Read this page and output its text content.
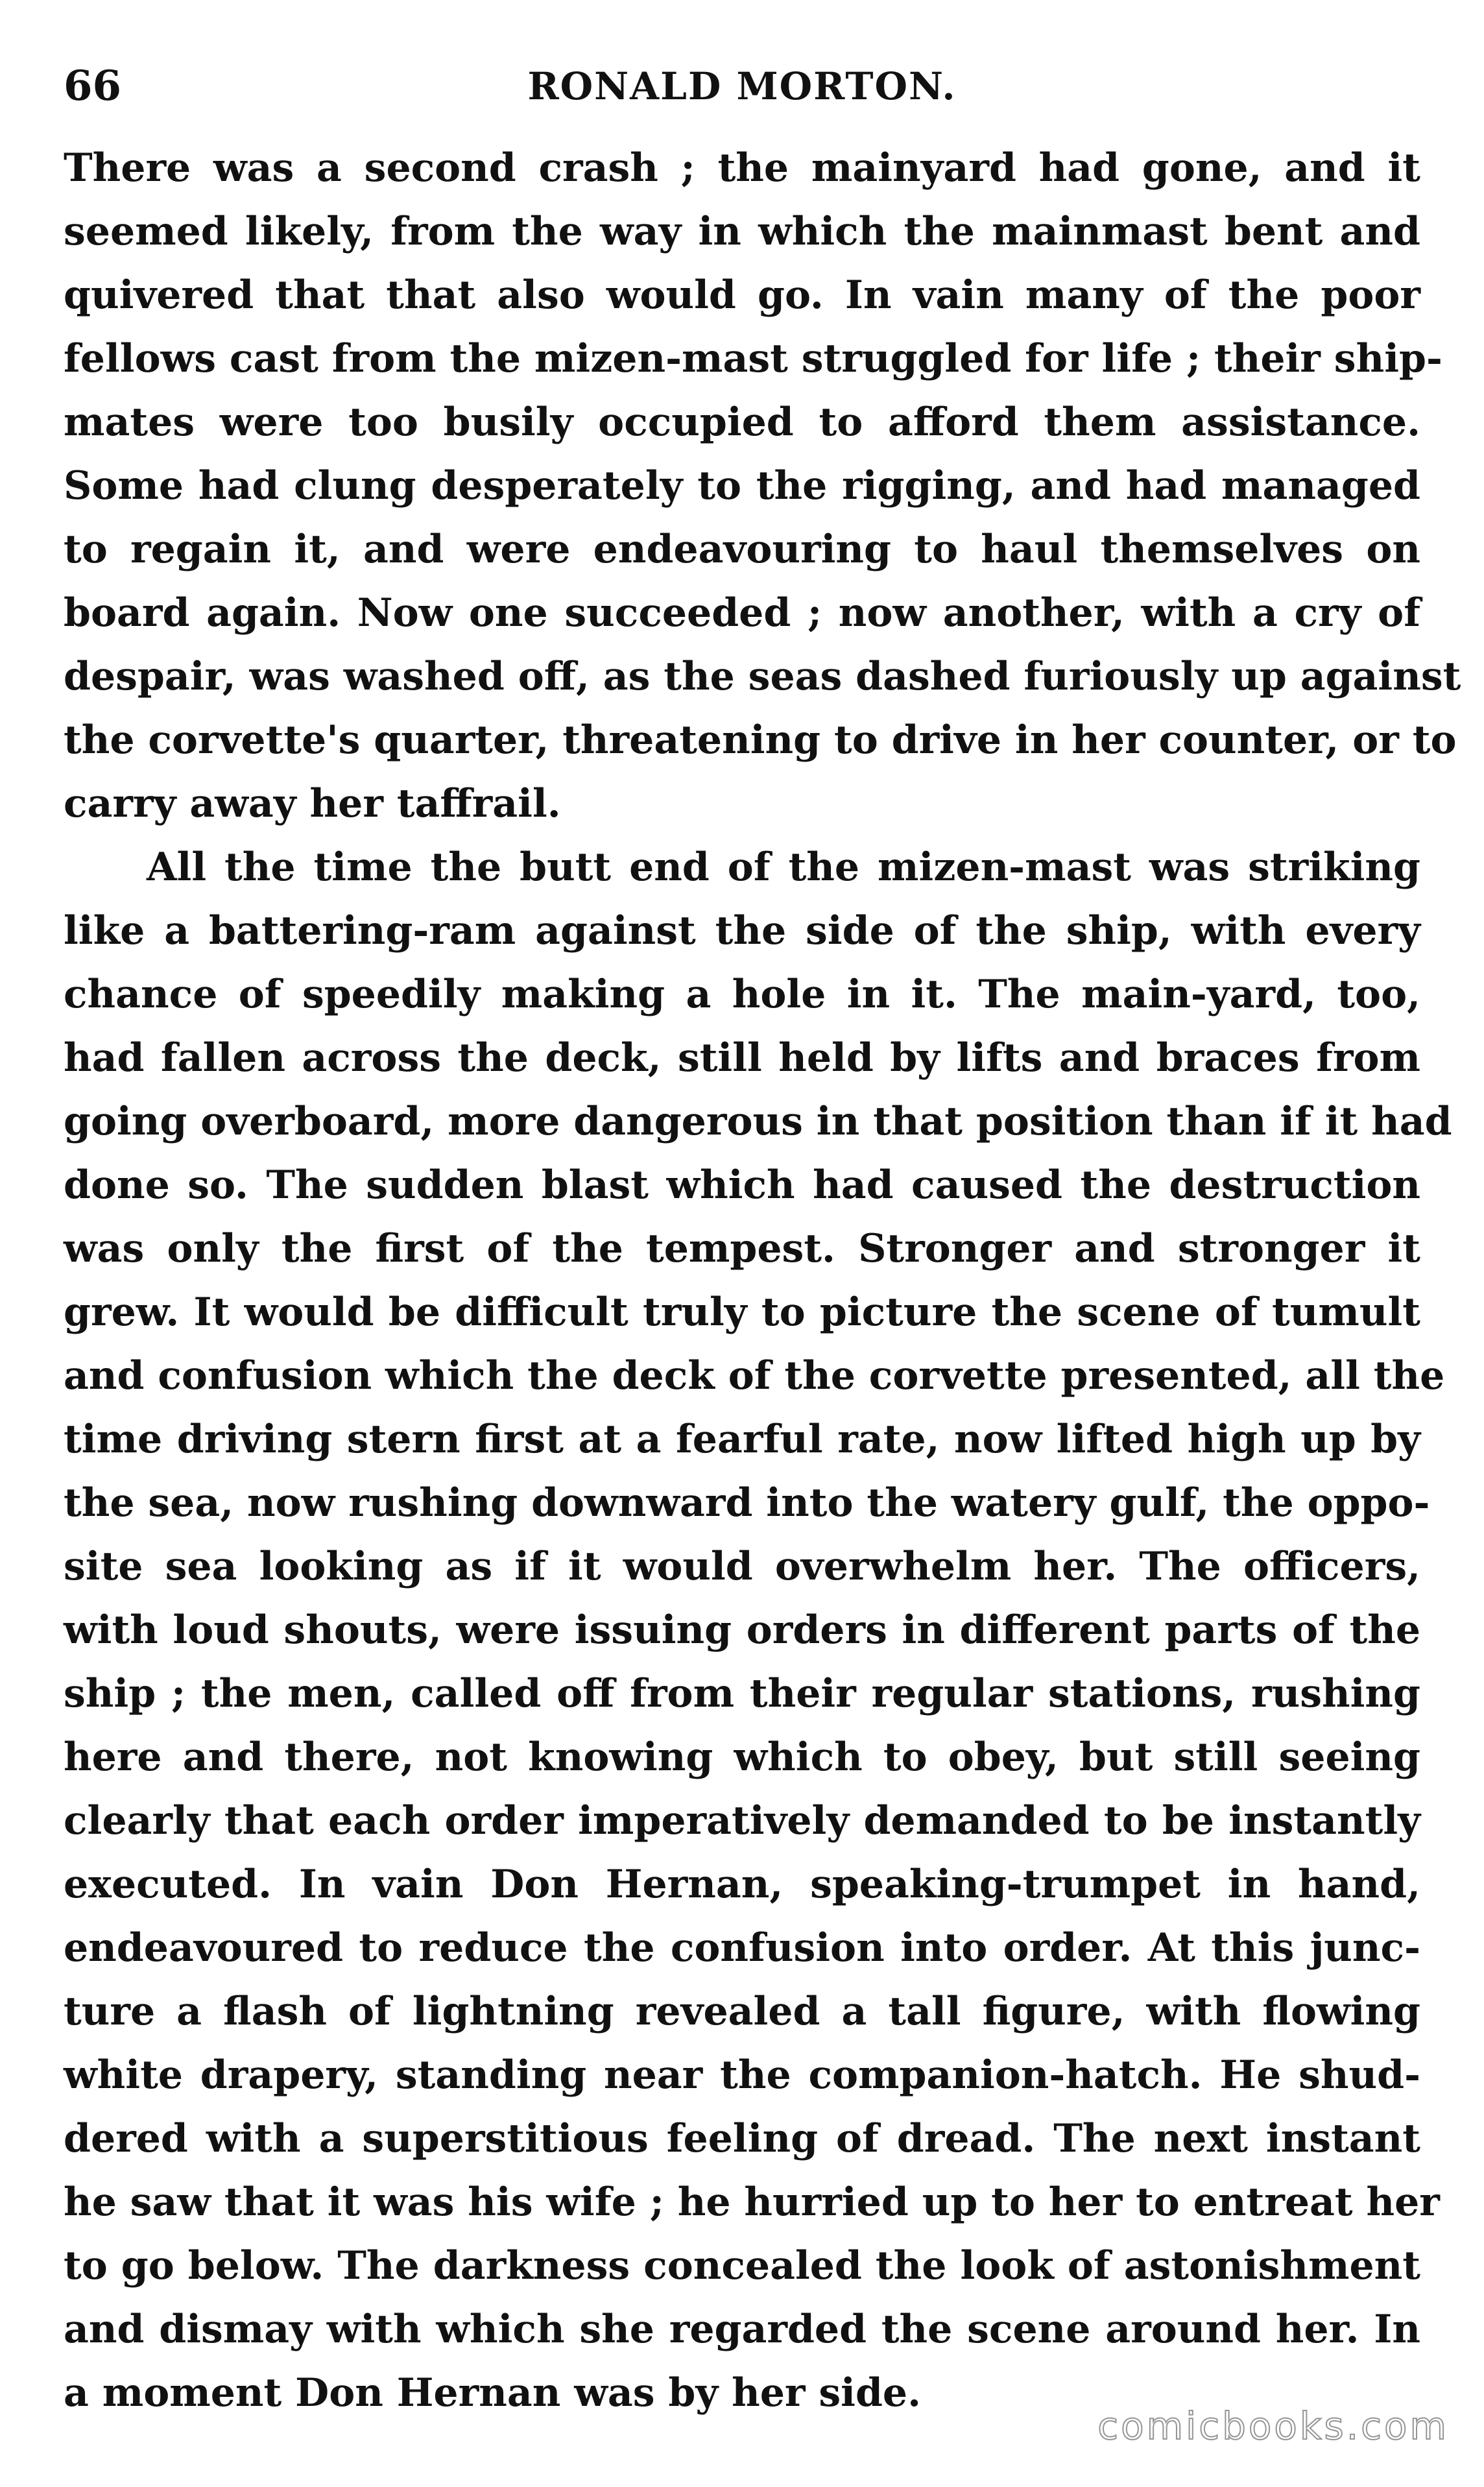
66	RONALD MORTON.
There was a second crash ; the mainyard had gone, and it
seemed likely, from the way in which the mainmast bent and
quivered that that also would go. In vain many of the poor
fellows cast from the mizen-mast struggled for life ; their ship-
mates were too busily occupied to afford them assistance.
Some had clung desperately to the rigging, and had managed
to regain it, and were endeavouring to haul themselves on
board again. Now one succeeded ; now another, with a cry of
despair, was washed off, as the seas dashed furiously up against
the corvette's quarter, threatening to drive in her counter, or to
carry away her taffrail.
All the time the butt end of the mizen-mast was striking
like a battering-ram against the side of the ship, with every
chance of speedily making a hole in it. The main-yard, too,
had fallen across the deck, still held by lifts and braces from
going overboard, more dangerous in that position than if it had
done so. The sudden blast which had caused the destruction
was only the first of the tempest. Stronger and stronger it
grew. It would be difficult truly to picture the scene of tumult
and confusion which the deck of the corvette presented, all the
time driving stern first at a fearful rate, now lifted high up by
the sea, now rushing downward into the watery gulf, the oppo-
site sea looking as if it would overwhelm her. The officers,
with loud shouts, were issuing orders in different parts of the
ship ; the men, called off from their regular stations, rushing
here and there, not knowing which to obey, but still seeing
clearly that each order imperatively demanded to be instantly
executed. In vain Don Hernan, speaking-trumpet in hand,
endeavoured to reduce the confusion into order. At this junc-
ture a flash of lightning revealed a tall figure, with flowing
white drapery, standing near the companion-hatch. He shud-
dered with a superstitious feeling of dread. The next instant
he saw that it was his wife ; he hurried up to her to entreat her
to go below. The darkness concealed the look of astonishment
and dismay with which she regarded the scene around her. In
a moment Don Hernan was by her side.
comicbooks.com
